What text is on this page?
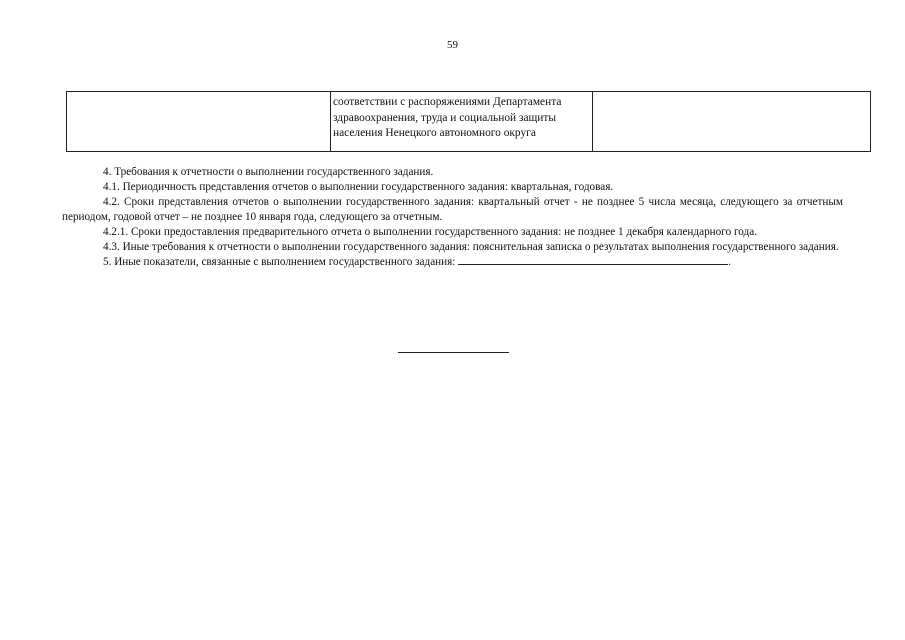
59

соответствии с распоряжениями Департамента
здравоохранения, труда и социальной защиты
населения Ненецкого автономного округа

4. Требования к отчетности о выполнении государственного задания.

4.1. Периодичность представления отчетов о выполнении государственного задания: квартальная, годовая.

4.2. Сроки представления отчетов о выполнении государственного задания: квартальный отчет - не позднее 5 числа месяца, следующего за отчетным периодом, годовой отчет – не позднее 10 января года, следующего за отчетным.

4.2.1. Сроки предоставления предварительного отчета о выполнении государственного задания: не позднее 1 декабря календарного года.

4.3. Иные требования к отчетности о выполнении государственного задания: пояснительная записка о результатах выполнения государственного задания.

5. Иные показатели, связанные с выполнением государственного задания:	.
